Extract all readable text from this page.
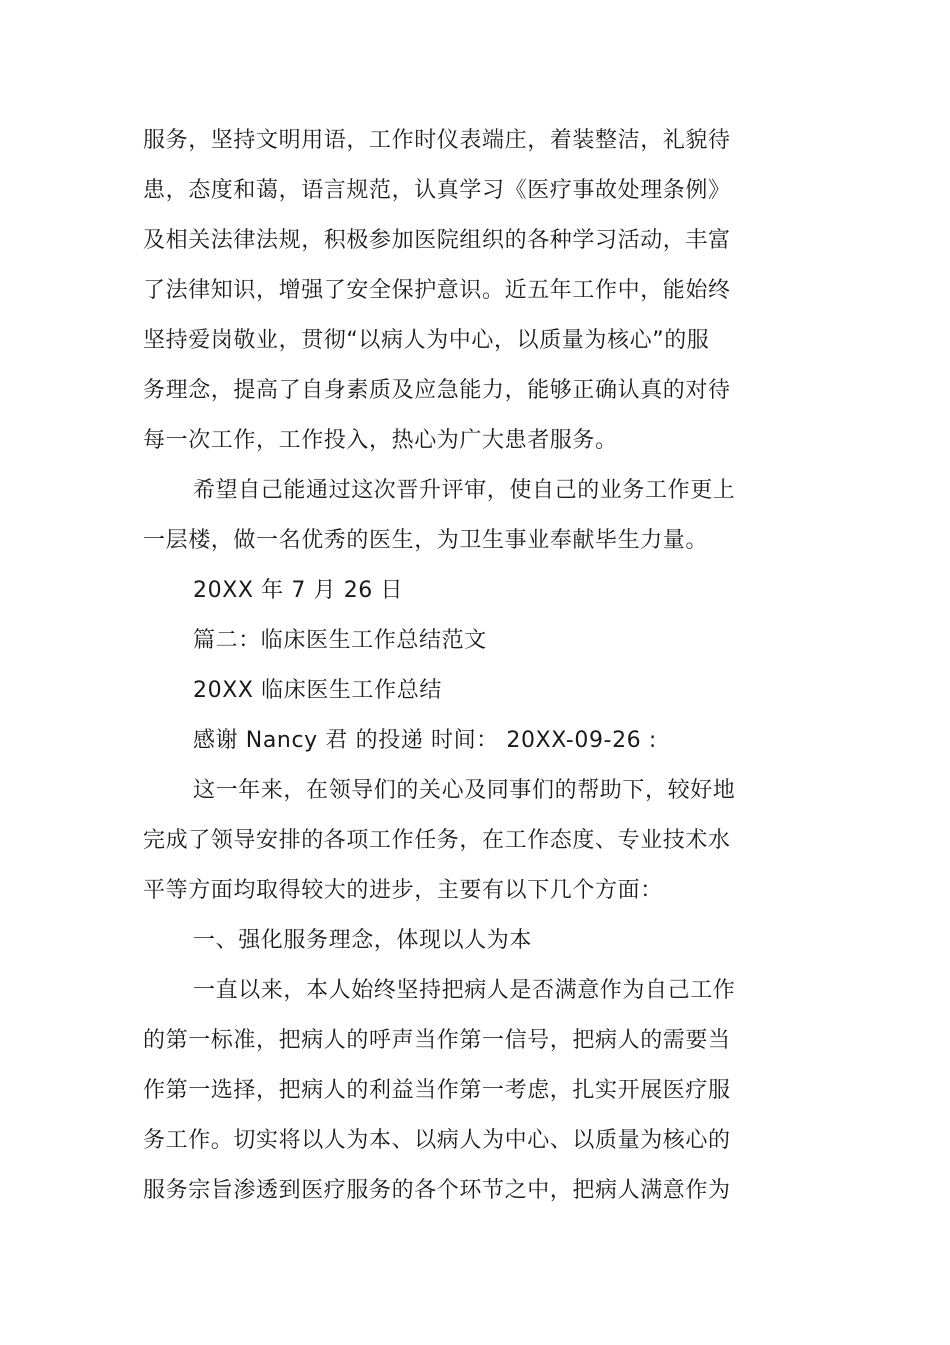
服务，坚持文明用语，工作时仪表端庄，着装整洁，礼貌待
患，态度和蔼，语言规范，认真学习《医疗事故处理条例》
及相关法律法规，积极参加医院组织的各种学习活动，丰富
了法律知识，增强了安全保护意识。近五年工作中，能始终
坚持爱岗敬业，贯彻“以病人为中心，以质量为核心”的服
务理念，提高了自身素质及应急能力，能够正确认真的对待
每一次工作，工作投入，热心为广大患者服务。
希望自己能通过这次晋升评审，使自己的业务工作更上
一层楼，做一名优秀的医生，为卫生事业奉献毕生力量。
20XX 年 7 月 26 日
篇二：临床医生工作总结范文
20XX 临床医生工作总结
感谢 Nancy 君 的投递 时间： 20XX-09-26 :
这一年来，在领导们的关心及同事们的帮助下，较好地
完成了领导安排的各项工作任务，在工作态度、专业技术水
平等方面均取得较大的进步，主要有以下几个方面：
一、强化服务理念，体现以人为本
一直以来，本人始终坚持把病人是否满意作为自己工作
的第一标准，把病人的呼声当作第一信号，把病人的需要当
作第一选择，把病人的利益当作第一考虑，扎实开展医疗服
务工作。切实将以人为本、以病人为中心、以质量为核心的
服务宗旨渗透到医疗服务的各个环节之中，把病人满意作为
